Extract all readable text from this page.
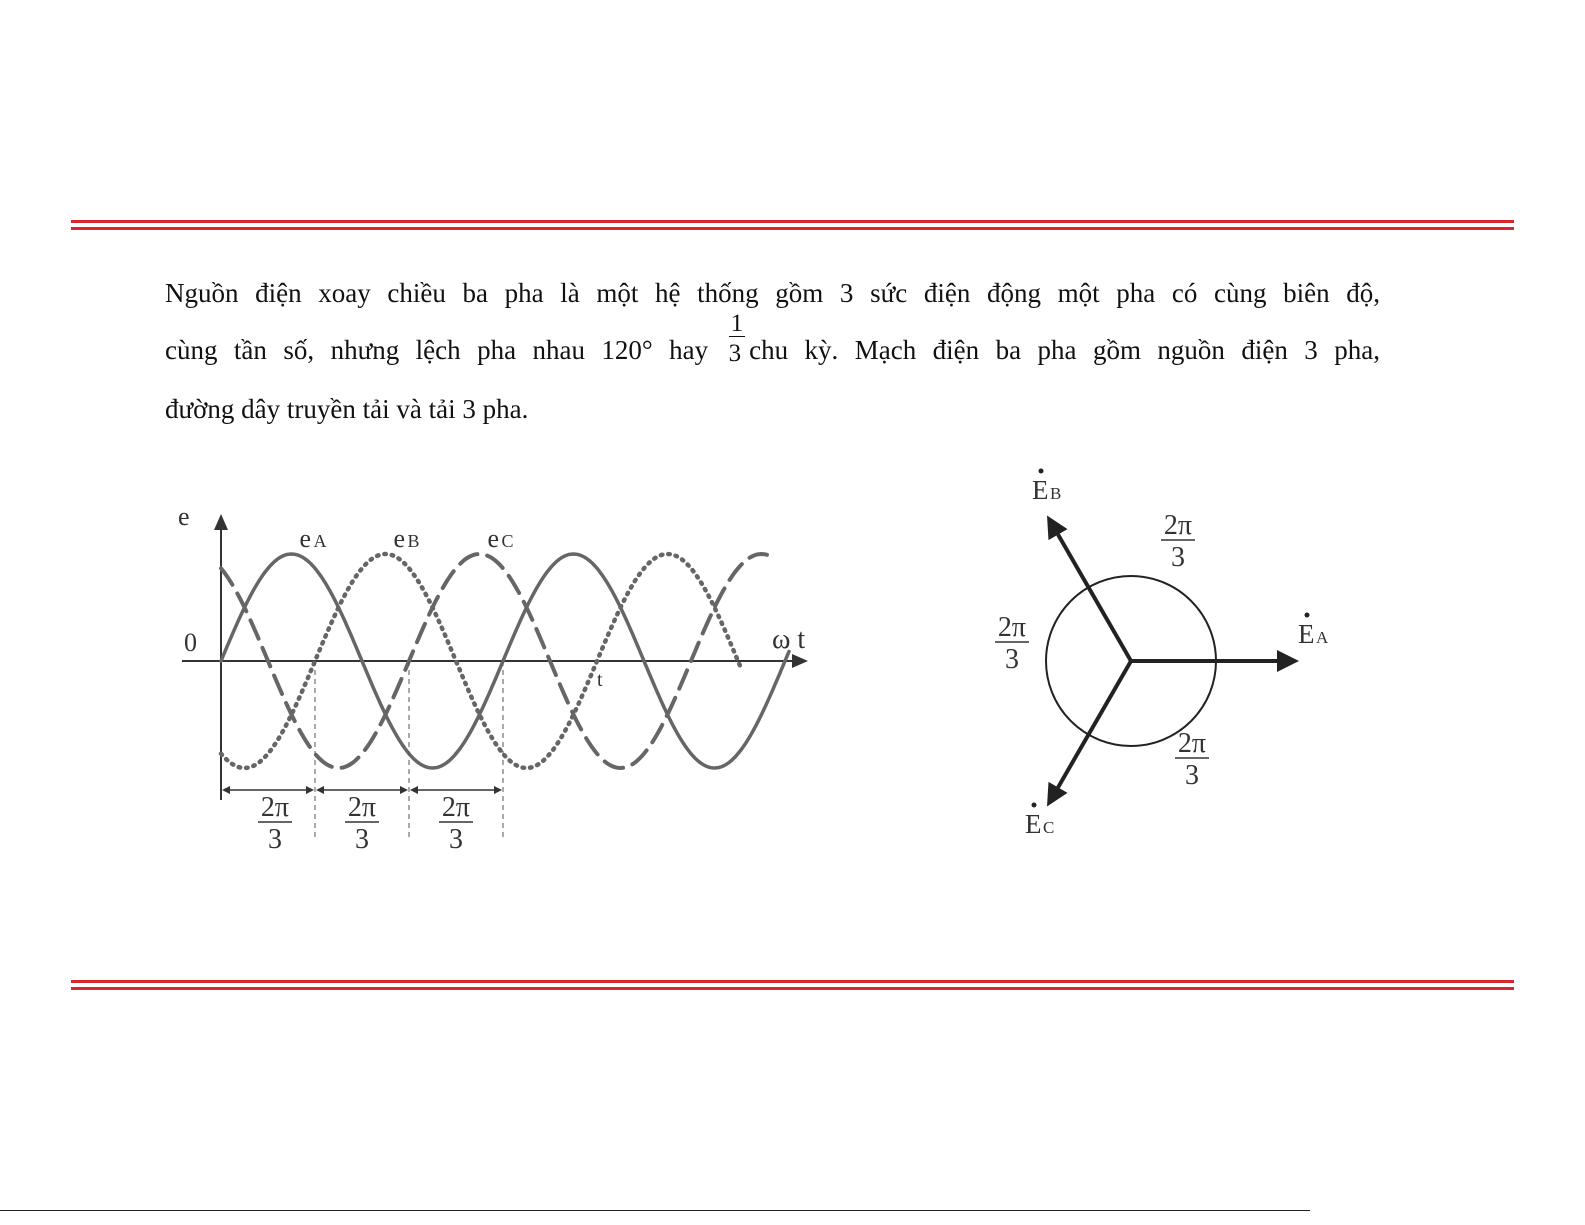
Nguồn điện xoay chiều ba pha là một hệ thống gồm 3 sức điện động một pha có cùng biên độ,
cùng tần số, nhưng lệch pha nhau 120° hay $\frac{1}{3}$ chu kỳ. Mạch điện ba pha gồm nguồn điện 3 pha,
đường dây truyền tải và tải 3 pha.
e
0	ω t
t
e A	e B	e C
2π
3
2π
3
2π
3
E A
E B
E C
2π
3
2π
3
2π
3
